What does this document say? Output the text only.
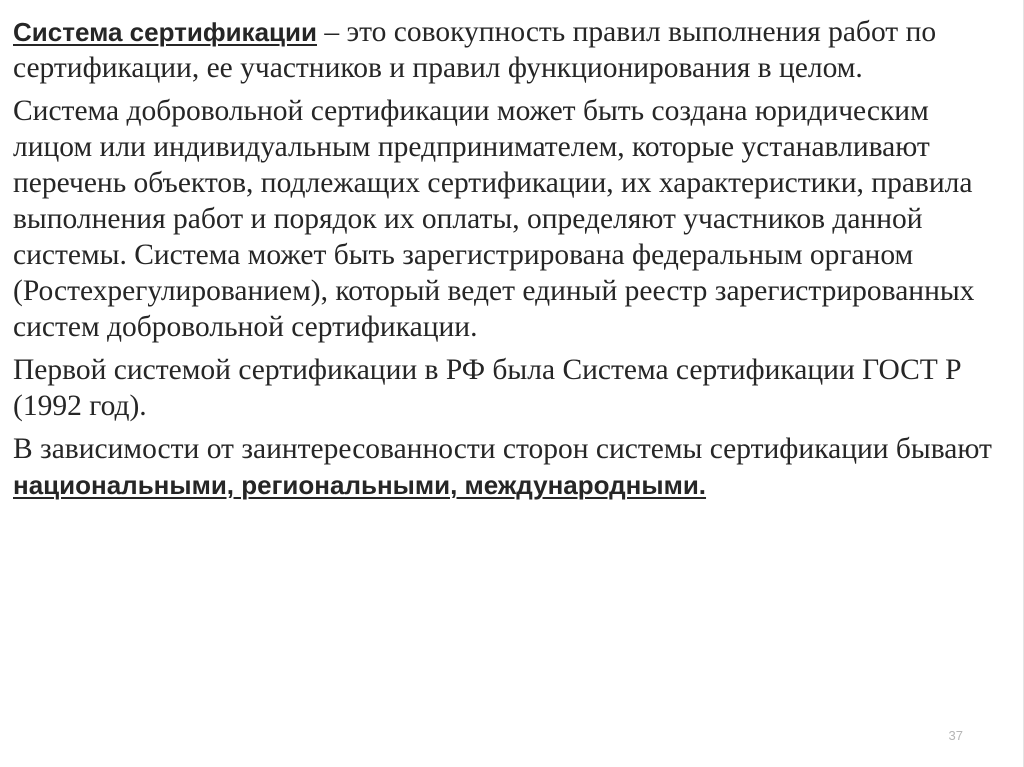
Система сертификации – это совокупность правил выполнения работ по сертификации, ее участников и правил функционирования в целом.

Система добровольной сертификации может быть создана юридическим лицом или индивидуальным предпринимателем, которые устанавливают перечень объектов, подлежащих сертификации, их характеристики, правила выполнения работ и порядок их оплаты, определяют участников данной системы. Система может быть зарегистрирована федеральным органом (Ростехрегулированием), который ведет единый реестр зарегистрированных систем добровольной сертификации.

Первой системой сертификации в РФ была Система сертификации ГОСТ Р (1992 год).

В зависимости от заинтересованности сторон системы сертификации бывают национальными, региональными, международными.

37
